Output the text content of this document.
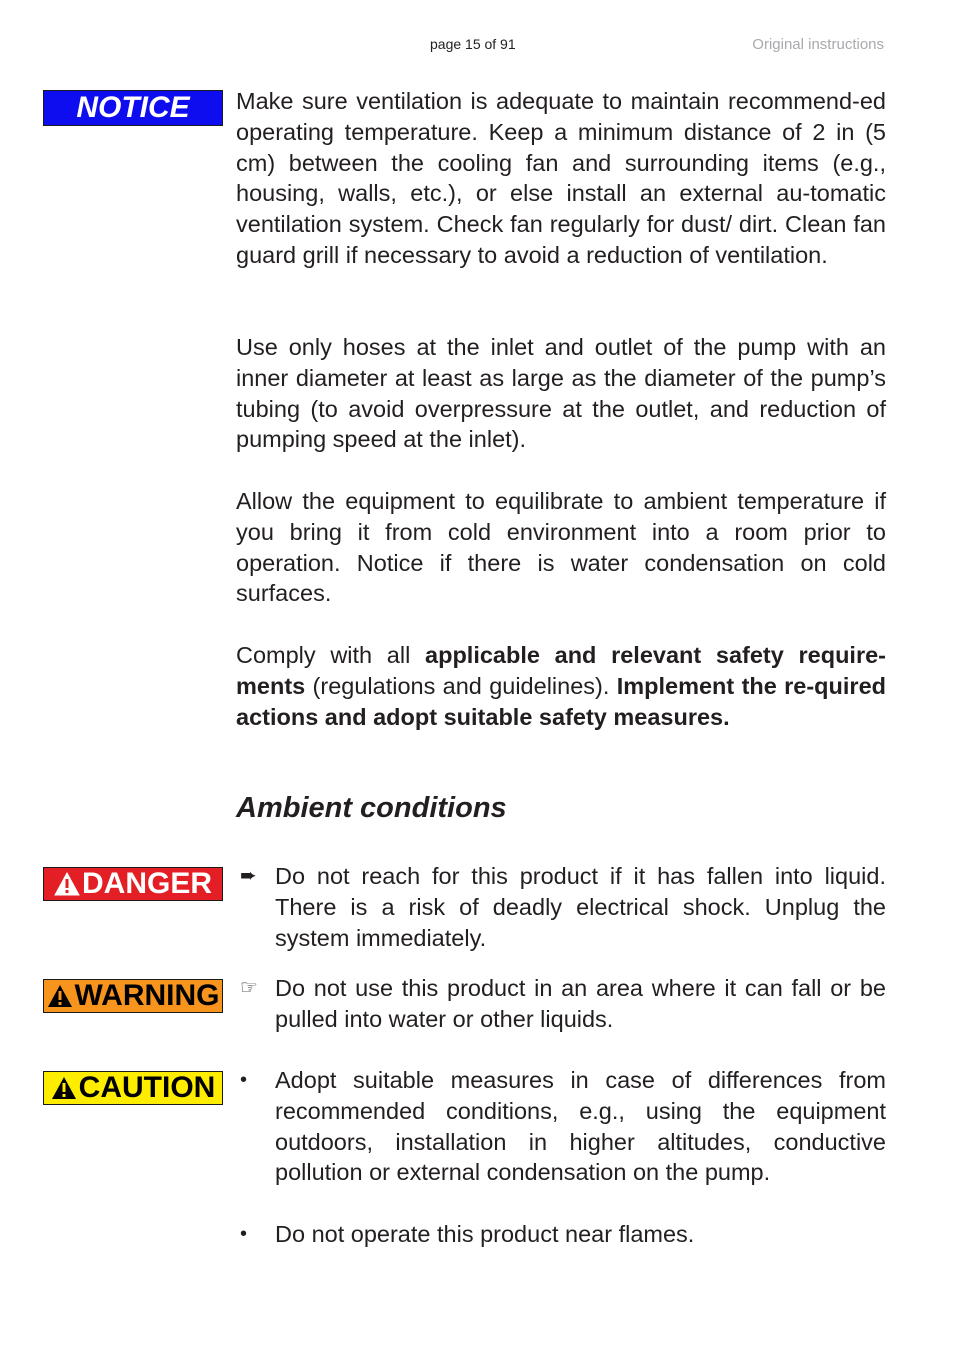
page 15 of 91	Original instructions
NOTICE Make sure ventilation is adequate to maintain recommend-ed operating temperature. Keep a minimum distance of 2 in (5 cm) between the cooling fan and surrounding items (e.g., housing, walls, etc.), or else install an external au-tomatic ventilation system. Check fan regularly for dust/ dirt. Clean fan guard grill if necessary to avoid a reduction of ventilation.
Use only hoses at the inlet and outlet of the pump with an inner diameter at least as large as the diameter of the pump’s tubing (to avoid overpressure at the outlet, and reduction of pumping speed at the inlet).
Allow the equipment to equilibrate to ambient temperature if you bring it from cold environment into a room prior to operation. Notice if there is water condensation on cold surfaces.
Comply with all applicable and relevant safety require-ments (regulations and guidelines). Implement the re-quired actions and adopt suitable safety measures.
Ambient conditions
DANGER
WARNING
CAUTION
➨ Do not reach for this product if it has fallen into liquid. There is a risk of deadly electrical shock. Unplug the system immediately.
☞ Do not use this product in an area where it can fall or be pulled into water or other liquids.
•	Adopt suitable measures in case of differences from recommended conditions, e.g., using the equipment outdoors, installation in higher altitudes, conductive pollution or external condensation on the pump.
•	Do not operate this product near flames.
